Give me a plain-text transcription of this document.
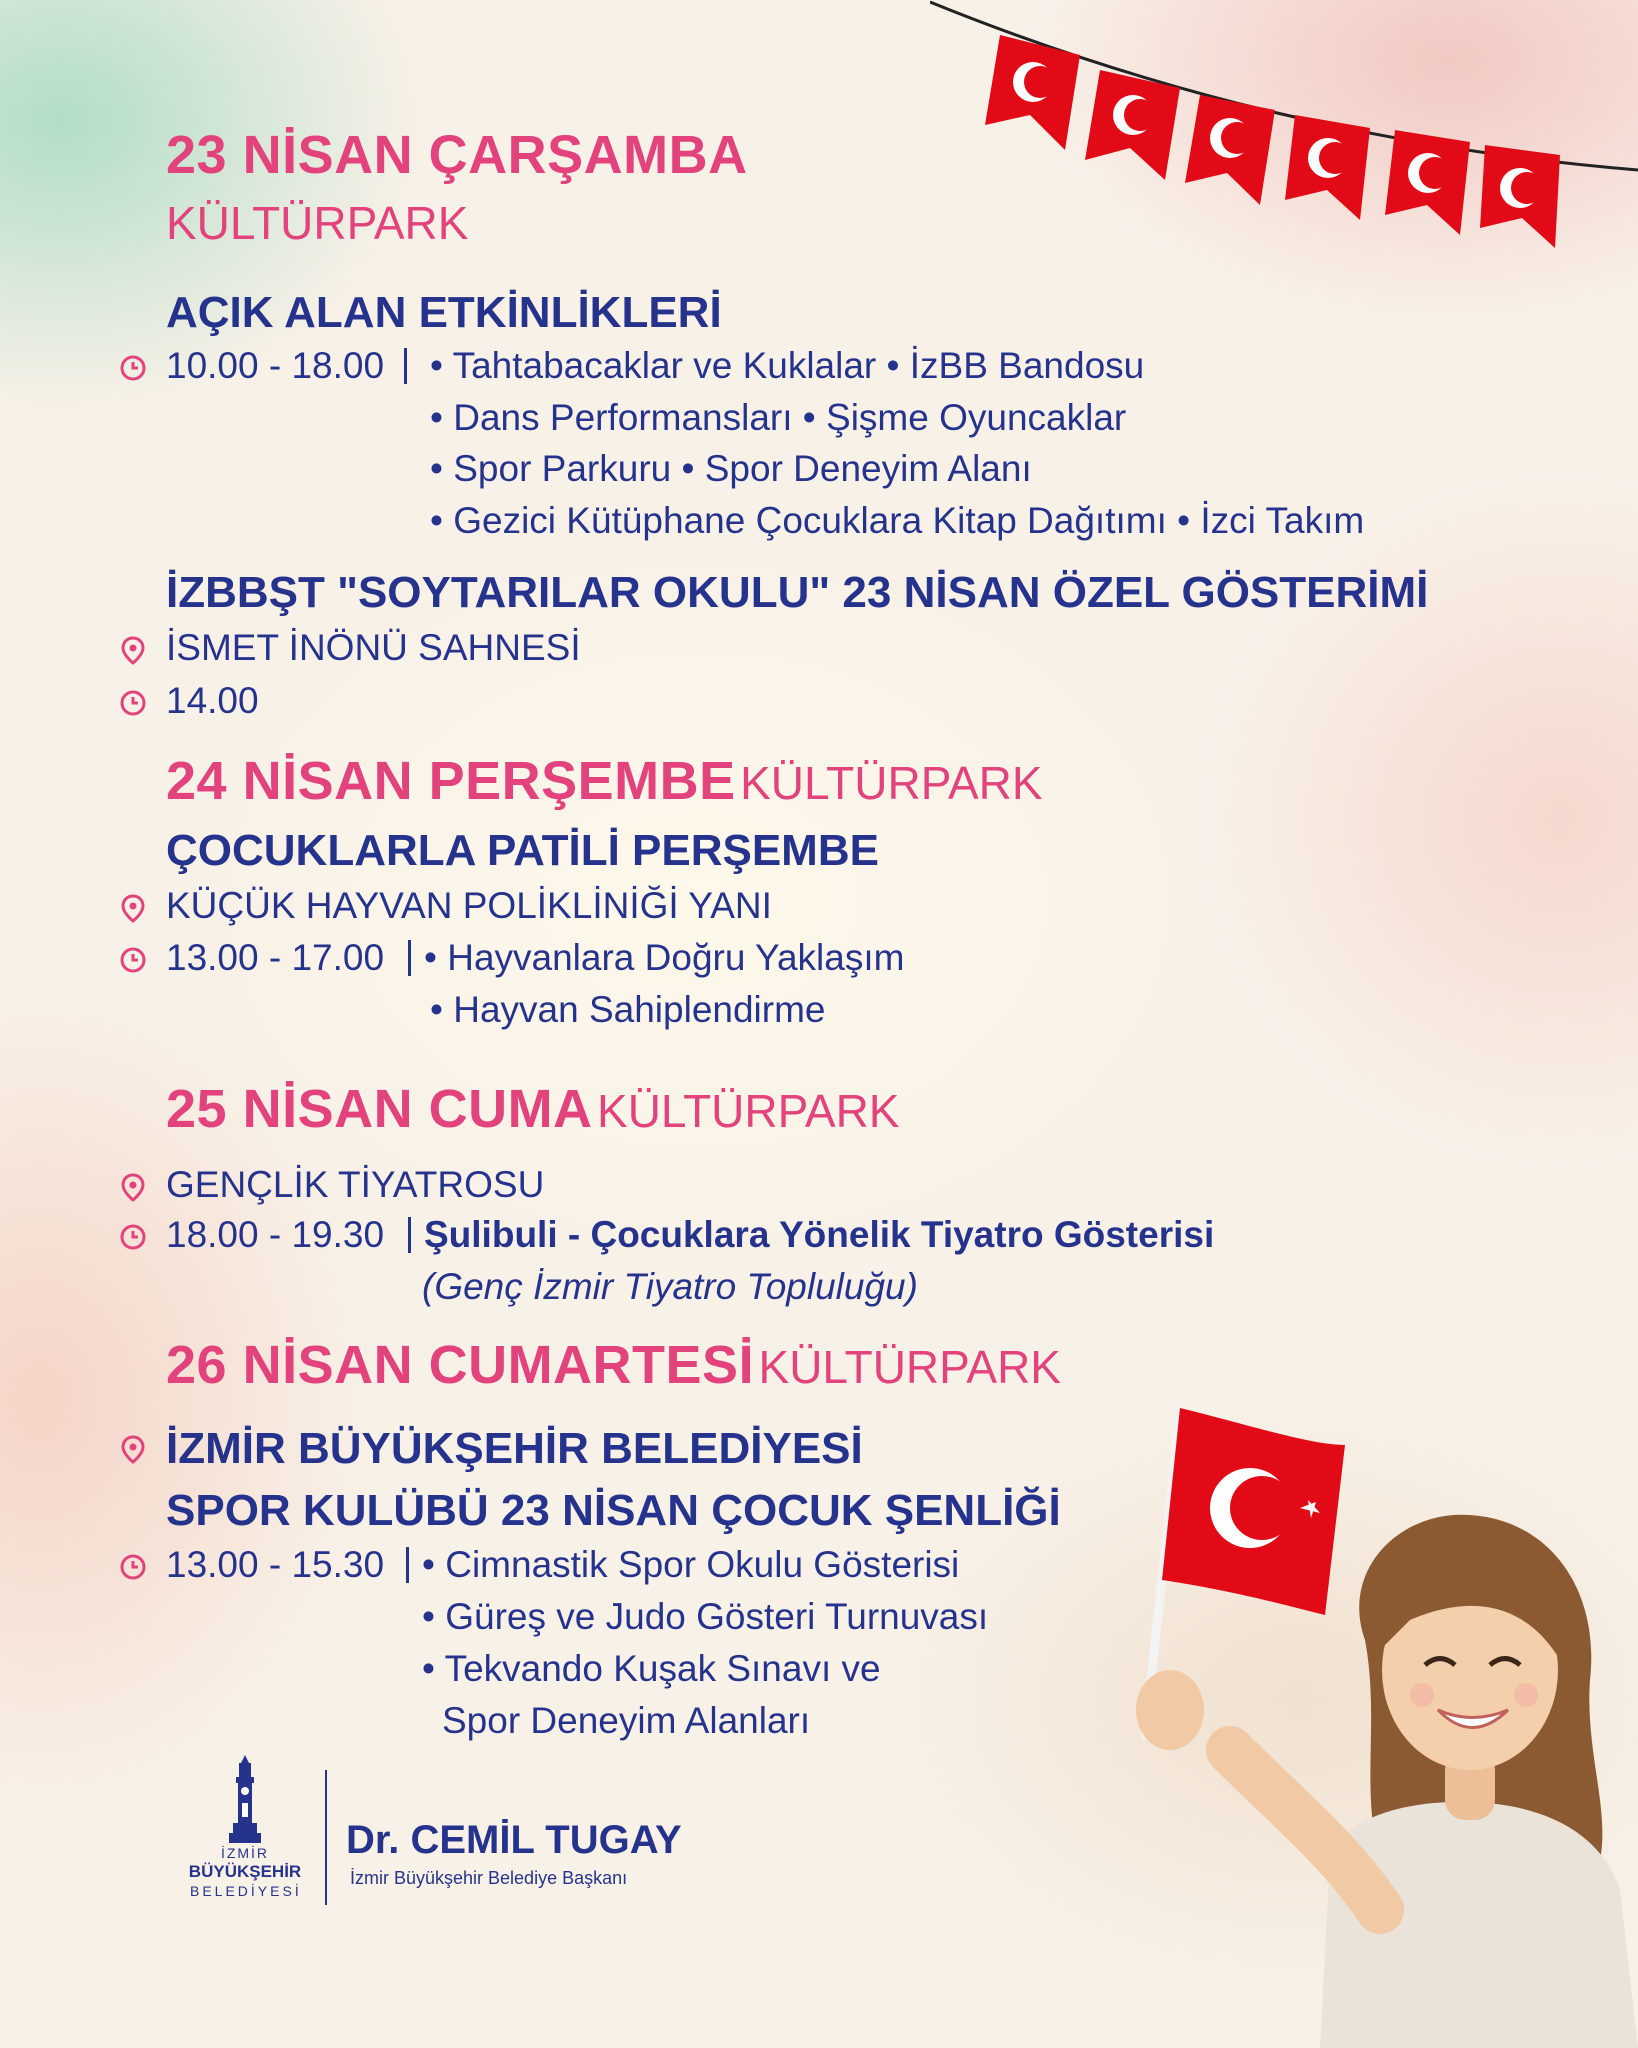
23 NİSAN ÇARŞAMBA
KÜLTÜRPARK
AÇIK ALAN ETKİNLİKLERİ
10.00 - 18.00 • Tahtabacaklar ve Kuklalar • İzBB Bandosu
• Dans Performansları • Şişme Oyuncaklar
• Spor Parkuru • Spor Deneyim Alanı
• Gezici Kütüphane Çocuklara Kitap Dağıtımı • İzci Takım
İZBBŞT "SOYTARILAR OKULU" 23 NİSAN ÖZEL GÖSTERİMİ
İSMET İNÖNÜ SAHNESİ
14.00
24 NİSAN PERŞEMBE KÜLTÜRPARK
ÇOCUKLARLA PATİLİ PERŞEMBE
KÜÇÜK HAYVAN POLİKLİNİĞİ YANI
13.00 - 17.00 • Hayvanlara Doğru Yaklaşım
• Hayvan Sahiplendirme
25 NİSAN CUMA KÜLTÜRPARK
GENÇLİK TİYATROSU
18.00 - 19.30 Şulibuli - Çocuklara Yönelik Tiyatro Gösterisi
(Genç İzmir Tiyatro Topluluğu)
26 NİSAN CUMARTESİ KÜLTÜRPARK
İZMİR BÜYÜKŞEHİR BELEDİYESİ
SPOR KULÜBÜ 23 NİSAN ÇOCUK ŞENLİĞİ
13.00 - 15.30 • Cimnastik Spor Okulu Gösterisi
• Güreş ve Judo Gösteri Turnuvası
• Tekvando Kuşak Sınavı ve
Spor Deneyim Alanları
İZMİR
BÜYÜKŞEHİR
BELEDİYESİ
Dr. CEMİL TUGAY
İzmir Büyükşehir Belediye Başkanı
